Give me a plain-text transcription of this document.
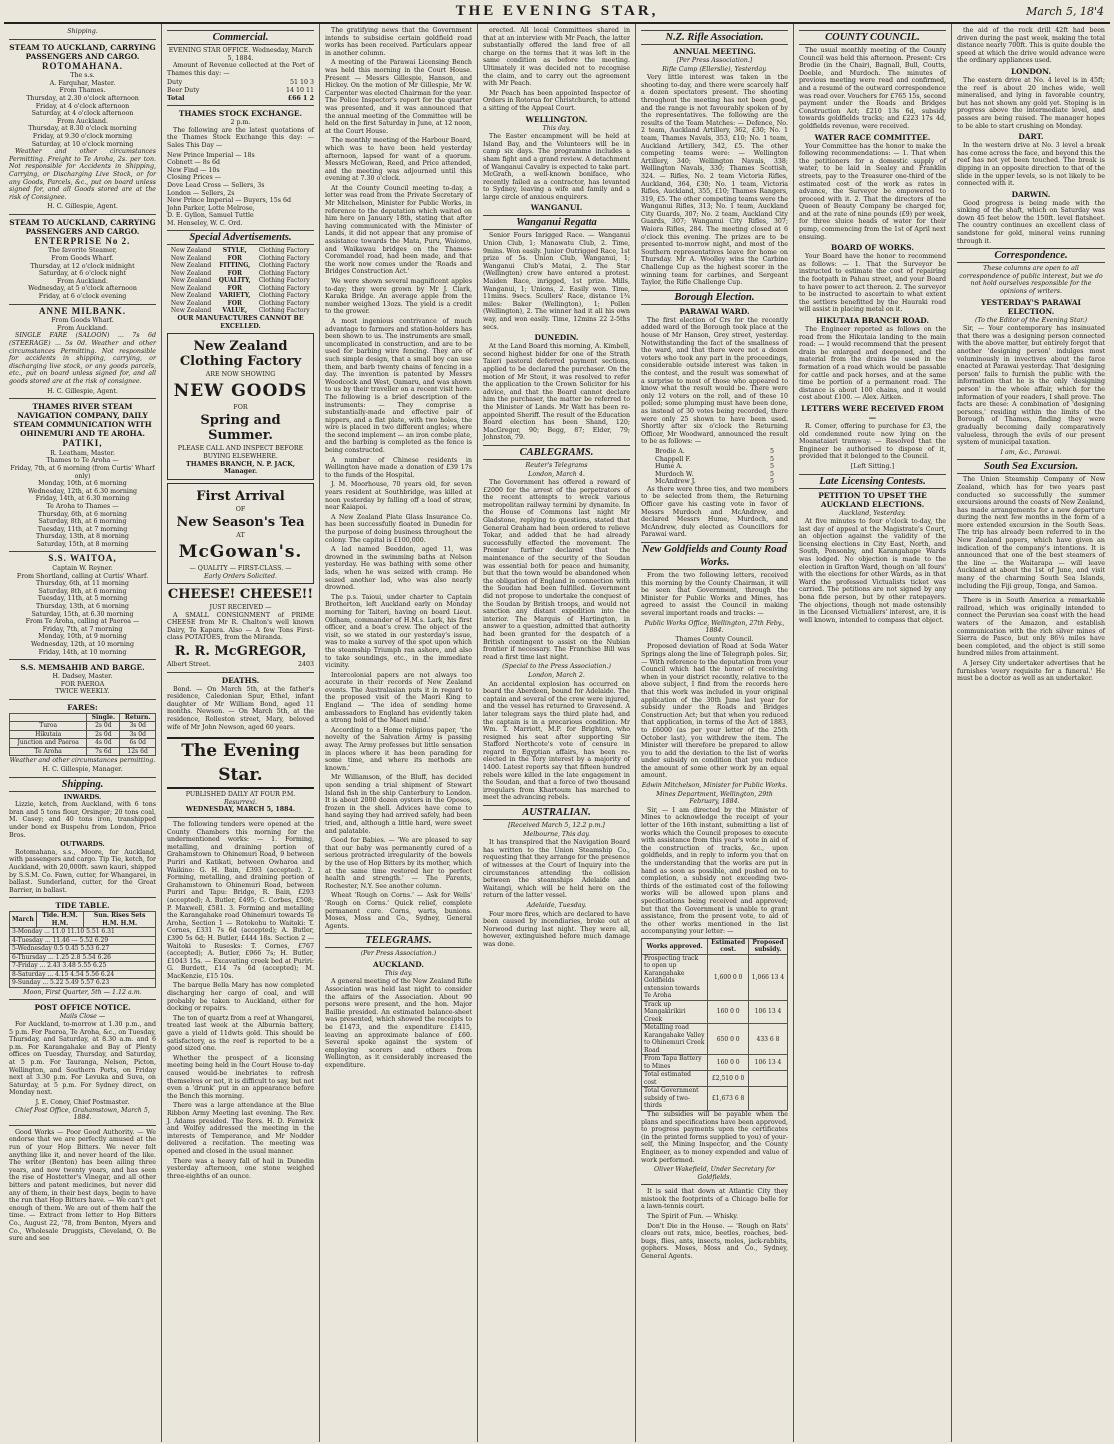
THE EVENING STAR,	March 5, 18'4
Shipping.
STEAM TO AUCKLAND, CARRYING PASSENGERS AND CARGO.
ROTOMAHANA.
The s.s.
A. Farquhar, Master.
From Thames.
Thursday, at 2.30 o'clock afternoon
Friday, at 4 o'clock afternoon
Saturday, at 4 o'clock afternoon
From Auckland.
Thursday, at 8.30 o'clock morning
Friday, at 9.30 o'clock morning
Saturday, at 10 o'clock morning

Weather and other circumstances Permitting. Freight to Te Aroha, 2s. per ton. Not responsible for Accidents in Shipping, Carrying, or Discharging Live Stock, or for any Goods, Parcels, &c., put on board unless signed for, and all Goods stored are at the risk of Consignee.

H. C. Gillespie, Agent.
STEAM TO AUCKLAND, CARRYING PASSENGERS AND CARGO.
ENTERPRISE No 2.
The favorite Steamer,
From Goods Wharf.
Thursday, at 12 o'clock midnight
Saturday, at 6 o'clock night
From Auckland.
Wednesday, at 5 o'clock afternoon
Friday, at 6 o'clock evening
ANNE MILBANK.
From Goods Wharf.
From Auckland.

SINGLE FARE (SALOON) ... 7s 6d (STEERAGE) ... 5s 0d. Weather and other circumstances Permitting. Not responsible for accidents in shipping, carrying, or discharging live stock, or any goods parcels, etc., put on board unless signed for, and all goods stored are at the risk of consignee.

H. C. Gillespie, Agent.
THAMES RIVER STEAM NAVIGATION COMPANY, DAILY STEAM COMMUNICATION WITH OHINEMURI AND TE AROHA.
PATIKI,
R. Leatham, Master.
Thames to Te Aroha —
Friday, 7th, at 6 morning (from Curtis' Wharf only)
Monday, 10th, at 6 morning
Wednesday, 12th, at 6.30 morning
Friday, 14th, at 6.30 morning
Te Aroha to Thames —
Thursday, 6th, at 6 morning
Saturday, 8th, at 6 morning
Tuesday, 11th, at 7 morning
Thursday, 13th, at 8 morning
Saturday, 15th, at 8 morning
S.S. WAITOA,
Captain W. Reyner.
From Shortland, calling at Curtis' Wharf.
Thursday, 6th, at 11 morning
Saturday, 8th, at 6 morning
Tuesday, 11th, at 5 morning
Thursday, 13th, at 6 morning
Saturday, 15th, at 6.30 morning
From Te Aroha, calling at Paeroa —
Friday, 7th, at 7 morning
Monday, 10th, at 9 morning
Wednesday, 12th, at 10 morning
Friday, 14th, at 10 morning
S.S. MEMSAHIB AND BARGE.
H. Dadsey, Master.
FOR PAEROA
TWICE WEEKLY.
FARES:
	Single.	Return.
Turoa	2s 0d	3s 0d
Hikutaia	2s 0d	3s 0d
Junction and Paeroa	4s 0d	6s 0d
Te Aroha	7s 6d	12s 6d
Weather and other circumstances permitting.
H. C. Gillespie, Manager.
Shipping.
INWARDS.

Lizzie, ketch, from Auckland, with 6 tons bran and 5 tons flour, Orsinger; 20 tons coal, M. Casey; and 40 tons iron, transhipped under bond ex Buspehu from London, Price Bros.

OUTWARDS.

Rotomahana, s.s., Moore, for Auckland, with passengers and cargo. Tip Tie, ketch, for Auckland, with 20,000ft. sawn kauri, shipped by S.S.M. Co. Fawn, cutter, for Whangarei, in ballast. Sunderland, cutter, for the Great Barrier, in ballast.

TIDE TABLE.
March	Tide. H.M. H.M.	Sun. Rises Sets H.M. H.M.
3-Monday ... 11.0 11.10 5.51 6.31
4-Tuesday ... 11.46 --- 5.52 6.29
5-Wednesday 0.5 0.45 5.53 6.27
6-Thursday ... 1.25 2.8 5.54 6.26
7-Friday ... 2.43 3.48 5.55 6.25
8-Saturday ... 4.15 4.54 5.56 6.24
9-Sunday ... 5.22 5.49 5.57 6.23
Moon, First Quarter, 5th — 1.12 a.m.
POST OFFICE NOTICE.
Mails Close —

For Auckland, to-morrow at 1.30 p.m., and 5 p.m. For Paeroa, Te Aroha, &c., on Tuesday, Thursday, and Saturday, at 8.30 a.m. and 6 p.m. For Karangahake and Bay of Plenty offices on Tuesday, Thursday, and Saturday, at 5 p.m. For Tauranga, Nelson, Picton, Wellington, and Southern Ports, on Friday next at 3.30 p.m. For Levuka and Suva, on Saturday, at 5 p.m. For Sydney direct, on Monday next.

J. E. Coney, Chief Postmaster.
Chief Post Office, Grahamstown, March 5, 1884.

Good Works — Poor Good Authority. — We endorse that we are perfectly amused at the run of your Hop Bitters. We never felt anything like it, and never heard of the like. The writer (Benton) has been ailing three years, and now twenty years, and has seen the rise of Hostetter's Vinegar, and all other bitters and patent medicines, but never did any of them, in their best days, begin to have the run that Hop Bitters have. — We can't get enough of them. We are out of them half the time. — Extract from letter to Hop Bitters Co., August 22, '78, from Benton, Myers and Co., Wholesale Druggists, Cleveland, O. Be sure and see

Commercial.
EVENING STAR OFFICE. Wednesday, March 5, 1884.

Amount of Revenue collected at the Port of Thames this day: —

Duty	51 10 3
Beer Duty	14 10 11
Total	£66 1 2
THAMES STOCK EXCHANGE.
2 p.m.

The following are the latest quotations of the Thames Stock Exchange this day: — Sales This Day —

New Prince Imperial — 18s
Cobnett — 8s 6d
New Find — 10s
Closing Prices —
Dove Lead Cross — Sellers, 3s
London — Sellers, 2s
New Prince Imperial — Buyers, 15s 6d
John Parker, Lotte Melrose,
D. E. Gyllon, Samuel Tuttle
M. Henseley, W. C. Ord.
Special Advertisements.
New Zealand	STYLE,	Clothing Factory
New Zealand	FOR	Clothing Factory
New Zealand	FITTING,	Clothing Factory
New Zealand	FOR	Clothing Factory
New Zealand	QUALITY,	Clothing Factory
New Zealand	FOR	Clothing Factory
New Zealand	VARIETY,	Clothing Factory
New Zealand	FOR	Clothing Factory
New Zealand	VALUE,	Clothing Factory
OUR MANUFACTURES CANNOT BE EXCELLED.
New Zealand Clothing Factory
ARE NOW SHOWING
NEW GOODS
FOR
Spring and Summer.
PLEASE CALL AND INSPECT BEFORE BUYING ELSEWHERE.
THAMES BRANCH, N. P. JACK, Manager.
First Arrival
OF
New Season's Tea
AT
McGowan's.
— QUALITY — FIRST-CLASS. —
Early Orders Solicited.
CHEESE! CHEESE!!
JUST RECEIVED —

A SMALL CONSIGNMENT of PRIME CHEESE from Mr R. Chalton's well known Dairy, Te Kapara. Also — A few Tons First-class POTATOES, from the Miranda.

R. R. McGREGOR,
Albert Street.	2403
DEATHS.

Bond. — On March 5th, at the father's residence, Caledonian Spur, Ethel, infant daughter of Mr William Bond, aged 11 months. Newson. — On March 5th, at the residence, Rolleston street, Mary, beloved wife of Mr John Newson, aged 60 years.

The Evening Star.
PUBLISHED DAILY AT FOUR P.M.
Resurrexi.
WEDNESDAY, MARCH 5, 1884.

The following tenders were opened at the County Chambers this morning for the undermentioned works: — 1. Forming, metalling, and draining portion of Grahamstown to Ohinemuri Road, 9 between Puriri and Katikati, between Owharoa and Waikino: G. H. Bain, £393 (accepted). 2. Forming, metalling, and draining portion of Grahamstown to Ohinemuri Road, between Puriri and Tapu: Bridge, R. Bain, £293 (accepted); A. Butler, £495; C. Corbes, £508; P. Maxwell, £581. 3. Forming and metalling the Karangahake road Ohinemuri towards Te Aroha, Section 1 — Rotokohu to Waitoki: T. Cornes, £331 7s 6d (accepted); A. Butler, £390 5s 6d; H. Butler, £444 18s. Section 2 — Waitoki to Rusesks: T. Cornes, £767 (accepted); A. Butler, £966 7s; H. Butler, £1043 15s. — Excavating creek bed at Puriri: G. Burdett, £14 7s 6d (accepted); M. MacKenzie, £15 10s.

The barque Bella Mary has now completed discharging her cargo of coal, and will probably be taken to Auckland, either for docking or repairs.

The ton of quartz from a reef at Whangarei, treated last week at the Alburnia battery, gave a yield of 11dwts gold. This should be satisfactory, as the reef is reported to be a good sized one.

Whether the prospect of a licensing meeting being held in the Court House to-day caused would-be inebriates to refresh themselves or not, it is difficult to say, but not even a 'drunk' put in an appearance before the Bench this morning.

There was a large attendance at the Blue Ribbon Army Meeting last evening. The Rev. J. Adams presided. The Revs. H. D. Fenwick and Wolfey addressed the meeting in the interests of Temperance, and Mr Nodder delivered a recitation. The meeting was opened and closed in the usual manner.

There was a heavy fall of hail in Dunedin yesterday afternoon, one stone weighed three-eighths of an ounce.

The gratifying news that the Government intends to subsidise certain goldfield road works has been received. Particulars appear in another column.

A meeting of the Parawai Licensing Bench was held this morning in the Court House. Present — Messrs Gillespie, Hanson, and Hickey. On the motion of Mr Gillespie, Mr W. Carpenter was elected Chairman for the year. The Police Inspector's report for the quarter was presented, and it was announced that the annual meeting of the Committee will be held on the first Saturday in June, at 12 noon, at the Court House.

The monthly meeting of the Harbour Board, which was to have been held yesterday afternoon, lapsed for want of a quorum. Messrs McGowan, Reed, and Price attended, and the meeting was adjourned until this evening at 7.30 o'clock.

At the County Council meeting to-day, a letter was read from the Private Secretary of Mr Mitchelson, Minister for Public Works, in reference to the deputation which waited on him here on January 18th, stating that after having communicated with the Minister of Lands, it did not appear that any promise of assistance towards the Mata, Puru, Waiomo, and Waikawau bridges on the Thames-Coromandel road, had been made, and that the work now comes under the 'Roads and Bridges Construction Act.'

We were shown several magnificent apples to-day; they were grown by Mr J. Clark, Karaka Bridge. An average apple from the number weighed 13ozs. The yield is a credit to the grower.

A most ingenious contrivance of much advantage to farmers and station-holders has been shown to us. The instruments are small, uncomplicated in construction, and are to be used for barbing wire fencing. They are of such simple design, that a small boy can use them, and barb twenty chains of fencing in a day. The invention is patented by Messrs Woodcock and West, Oamaru, and was shown to us by their traveller on a recent visit here. The following is a brief description of the instruments: — They comprise a substantially-made and effective pair of nippers, and a flat plate, with two holes, the wire is placed in two different angles; where the second implement — an iron combe plate, and the barbing is completed as the fence is being constructed.

A number of Chinese residents in Wellington have made a donation of £39 17s to the funds of the Hospital.

J. M. Moorhouse, 70 years old, for seven years resident at Southbridge, was killed at noon yesterday by falling off a load of straw, near Kaiapoi.

A New Zealand Plate Glass Insurance Co. has been successfully floated in Dunedin for the purpose of doing business throughout the colony. The capital is £100,000.

A lad named Beeddon, aged 11, was drowned in the swimming baths at Nelson yesterday. He was bathing with some other lads, when he was seized with cramp. He seized another lad, who was also nearly drowned.

The p.s. Taioui, under charter to Captain Brotherton, left Auckland early on Monday morning for Taiteri, having on board Lieut. Oldham, commander of H.M.s. Lark, his first officer, and a boat's crew. The object of the visit, so we stated in our yesterday's issue, was to make a survey of the spot upon which the steamship Triumph ran ashore, and also to take soundings, etc., in the immediate vicinity.

Intercolonial papers are not always too accurate in their records of New Zealand events. The Australasian puts it in regard to the proposed visit of the Maori King to England — 'The idea of sending home ambassadors to England has evidently taken a strong hold of the Maori mind.'

According to a Home religious paper, 'the novelty of the Salvation Army is passing away. The Army professes but little sensation in places where it has been parading for some time, and where its methods are known.'

Mr Williamson, of the Bluff, has decided upon sending a trial shipment of Stewart Island fish in the ship Canterbury to London. It is about 2000 dozen oysters in the Oposos, frozen in the shell. Advices have come to hand saying they had arrived safely, had been tried, and, although a little hard, were sweet and palatable.

Good for Babies. — 'We are pleased to say that our baby was permanently cured of a serious protracted irregularity of the bowels by the use of Hop Bitters by its mother, which at the same time restored her to perfect health and strength.' — The Parents, Rochester, N.Y. See another column.

Wheat 'Rough on Corns.' — Ask for Wells' 'Rough on Corns.' Quick relief, complete permanent cure. Corns, warts, bunions. Moses, Moss and Co., Sydney, General Agents.

TELEGRAMS.
(Per Press Association.)
AUCKLAND.
This day.

A general meeting of the New Zealand Rifle Association was held last night to consider the affairs of the Association. About 90 persons were present, and the hon. Major Baillie presided. An estimated balance-sheet was presented, which showed the receipts to be £1473, and the expenditure £1415, leaving an approximate balance of £60. Several spoke against the system of employing scorers and others from Wellington, as it considerably increased the expenditure.

erected. All local Committees shared in that at an interview with Mr Peach, the latter substantially offered the land free of all charge on the terms that it was left in the same condition as before the meeting. Ultimately it was decided not to recognise the claim, and to carry out the agreement with Mr Peach.

Mr Peach has been appointed Inspector of Orders in Rotorua for Christchurch, to attend a sitting of the Appeal Court.

WELLINGTON.
This day.

The Easter encampment will be held at Island Bay, and the Volunteers will be in camp six days. The programme includes a sham fight and a grand review. A detachment of Wanganui Cavalry is expected to take part. McGrath, a well-known boniface, who recently failed as a contractor, has levanted to Sydney, leaving a wife and family and a large circle of anxious enquirers.

WANGANUI.
Wanganui Regatta

Senior Fours Inrigged Race. — Wanganui Union Club, 1; Manawatu Club, 2. Time, 9mins. Won easily. Junior Outrigged Race, 1st prize of 5s. Union Club, Wanganui, 1; Wanganui Club's Matai, 2. The Star (Wellington) crew have entered a protest. Maiden Race, inrigged, 1st prize. Mills, Wanganui, 1; Unions, 2. Easily won. Time, 11mins. 9secs. Scullers' Race, distance 1¾ miles: Baker (Wellington), 1; Pollen (Wellington), 2. The winner had it all his own way, and won easily. Time, 12mins 22 2-5ths secs.

DUNEDIN.

At the Land Board this morning, A. Kimbell, second highest bidder for one of the Strath Taieri pastoral deferred payment sections, applied to be declared the purchaser. On the motion of Mr Stout, it was resolved to refer the application to the Crown Solicitor for his advice, and that the Board cannot declare him the purchaser, the matter be referred to the Minister of Lands. Mr Watt has been re-appointed Sheriff. The result of the Education Board election has been Shand, 120; MacGregor, 90; Begg, 87; Elder, 79; Johnston, 79.

CABLEGRAMS.
Reuter's Telegrams
London, March 4.

The Government has offered a reward of £2000 for the arrest of the perpetrators of the recent attempts to wreck various metropolitan railway termini by dynamite. In the House of Commons last night Mr Gladstone, replying to questions, stated that General Graham had been ordered to relieve Tokar, and added that he had already successfully effected the movement. The Premier further declared that the maintenance of the security of the Soudan was essential both for peace and humanity, but that the town would be abandoned when the obligation of England in connection with the Soudan had been fulfilled. Government did not propose to undertake the conquest of the Soudan by British troops, and would not sanction any distant expedition into the interior. The Marquis of Hartington, in answer to a question, admitted that authority had been granted for the despatch of a British contingent to assist on the Nubian frontier if necessary. The Franchise Bill was read a first time last night.

(Special to the Press Association.)
London, March 2.

An accidental explosion has occurred on board the Aberdeen, bound for Adelaide. The captain and several of the crew were injured, and the vessel has returned to Gravesend. A later telegram says the third plate had, and the captain is in a precarious condition. Mr Wm. T. Marriott, M.P. for Brighton, who resigned his seat after supporting Sir Stafford Northcote's vote of censure in regard to Egyptian affairs, has been re-elected in the Tory interest by a majority of 1400. Latest reports say that fifteen hundred rebels were killed in the late engagement in the Soudan, and that a force of two thousand irregulars from Khartoum has marched to meet the advancing rebels.

AUSTRALIAN.
[Received March 5, 12.2 p.m.]
Melbourne, This day.

It has transpired that the Navigation Board has written to the Union Steamship Co., requesting that they arrange for the presence of witnesses at the Court of Inquiry into the circumstances attending the collision between the steamships Adelaide and Waitangi, which will be held here on the return of the latter vessel.

Adelaide, Tuesday.

Four more fires, which are declared to have been caused by incendiaries, broke out at Norwood during last night. They were all, however, extinguished before much damage was done.

N.Z. Rifle Association.
ANNUAL MEETING.
[Per Press Association.]
Rifle Camp (Ellerslie), Yesterday.

Very little interest was taken in the shooting to-day, and there were scarcely half a dozen spectators present. The shooting throughout the meeting has not been good, and the range is not favourably spoken of by the representatives. The following are the results of the Team Matches: — Defence, No. 2 team, Auckland Artillery, 362, £30; No. 1 team, Thames Navals, 353, £10; No. 1 team, Auckland Artillery, 342, £5. The other competing teams were: — Wellington Artillery, 340; Wellington Navals, 338; Wellington Navals, 330; Thames Scottish, 324. — Rifles, No. 2 team Victoria Rifles, Auckland, 364, £30; No. 1 team, Victoria Rifles, Auckland, 355, £10; Thames Rangers, 319, £5. The other competing teams were the Wanganui Rifles, 313; No. 1 team, Auckland City Guards, 307; No. 2 team, Auckland City Guards, 307; Wanganui City Rifles, 307; Waiora Rifles, 284. The meeting closed at 6 o'clock this evening. The prizes are to be presented to-morrow night, and most of the Southern representatives leave for home on Thursday. Mr A. Woolley wins the Carbine Challenge Cup as the highest scorer in the winning team for carbines, and Sergeant Taylor, the Rifle Challenge Cup.

Borough Election.
PARAWAI WARD.

The first election of Crs for the recently added ward of the Borough took place at the house of Mr Hanson, Grey street, yesterday. Notwithstanding the fact of the smallness of the ward, and that there were not a dozen voters who took any part in the proceedings, considerable outside interest was taken in the contest, and the result was somewhat of a surprise to most of those who appeared to know what the result would be. There were only 12 voters on the roll, and of these 10 polled; some plumping must have been done, as instead of 30 votes being recorded, there were only 25 shown to have been used. Shortly after six o'clock the Returning Officer, Mr Woodward, announced the result to be as follows: —

Brodie A.	5
Chappell F.	5
Hume A.	5
Murdoch W.	5
McAndrew J.	5

As there were three ties, and two members to be selected from them, the Returning Officer gave his casting vote in favor of Messrs Murdoch and McAndrew, and declared Messrs Hume, Murdoch, and McAndrew, duly elected as Councillors for Parawai ward.

New Goldfields and County Road Works.

From the two following letters, received this morning by the County Chairman, it will be seen that Government, through the Minister for Public Works and Mines, has agreed to assist the Council in making several important roads and tracks: —

Public Works Office, Wellington, 27th Feby., 1884.
Thames County Council.

Proposed deviation of Road at Soda Water Springs along the line of Telegraph poles. Sir, — With reference to the deputation from your Council which had the honor of receiving when in your district recently, relative to the above subject, I find from the records here that this work was included in your original application of the 30th June last year for subsidy under the Roads and Bridges Construction Act; but that when you reduced that application, in terms of the Act of 1883, to £6000 (as per your letter of the 25th October last), you withdrew the item. The Minister will therefore be prepared to allow you to add the deviation to the list of works under subsidy on condition that you reduce the amount of some other work by an equal amount.

Edwin Mitchelson, Minister for Public Works.
Mines Department, Wellington, 29th February, 1884.

Sir, — I am directed by the Minister of Mines to acknowledge the receipt of your letter of the 16th instant, submitting a list of works which the Council proposes to execute with assistance from this year's vote in aid of the construction of tracks, &c., upon goldfields, and in reply to inform you that on the understanding that the works are put in hand as soon as possible, and pushed on to completion, a subsidy not exceeding two-thirds of the estimated cost of the following works will be allowed upon plans and specifications being received and approved; but that the Government is unable to grant assistance, from the present vote, to aid of the other works mentioned in the list accompanying your letter: —

Works approved.	Estimated cost.	Proposed subsidy.
Prospecting track to open up Karangahake Goldfields extension towards Te Aroha	1,600 0 0	1,066 13 4
Track up Mangakirikiri Creek	160 0 0	106 13 4
Metalling road Karangahake Valley to Ohinemuri Creek Road	650 0 0	433 6 8
From Tapu Battery to Mines	160 0 0	106 13 4
Total estimated cost	£2,510 0 0	
Total Government subsidy of two-thirds	£1,673 6 8	

The subsidies will be payable when the plans and specifications have been approved, to progress payments upon the certificates (in the printed forms supplied to you) of your-self, the Mining Inspector, and the County Engineer, as to money expended and value of work performed.

Oliver Wakefield, Under Secretary for Goldfields.

It is said that down at Atlantic City they mistook the footprints of a Chicago belle for a lawn-tennis court.

The Spirit of Fun. — Whisky.

Don't Die in the House. — 'Rough on Rats' clears out rats, mice, beetles, roaches, bed-bugs, flies, ants, insects, moles, jack-rabbits, gophers. Moses, Moss and Co., Sydney, General Agents.

COUNTY COUNCIL.

The usual monthly meeting of the County Council was held this afternoon. Present: Crs Brodie (in the Chair), Bagnall, Bull, Coutts, Doeble, and Murdoch. The minutes of previous meeting were read and confirmed, and a resumé of the outward correspondence was read over. Vouchers for £765 15s, second payment under the Roads and Bridges Construction Act; £210 13s 6d, subsidy towards goldfields tracks; and £223 17s 4d, goldfields revenue, were received.

WATER RACE COMMITTEE.

Your Committee has the honor to make the following recommendations: — 1. That when the petitioners for a domestic supply of water, to be laid in Sealey and Franklin streets, pay to the Treasurer one-third of the estimated cost of the work as rates in advance, the Surveyor be empowered to proceed with it. 2. That the directors of the Queen of Beauty Company be charged for, and at the rate of nine pounds (£9) per week, for three sluice heads of water for their pump, commencing from the 1st of April next ensuing.

BOARD OF WORKS.

Your Board have the honor to recommend as follows: — 1. That the Surveyor be instructed to estimate the cost of repairing the footpath in Pahau street, and your Board to have power to act thereon. 2. The surveyor to be instructed to ascertain to what extent the settlers benefitted by the Hauraki road will assist in placing metal on it.

HIKUTAIA BRANCH ROAD.

The Engineer reported as follows on the road from the Hikutaia landing to the main road: — I would recommend that the present drain be enlarged and deepened, and the material from the drains be used in the formation of a road which would be passable for cattle and pack horses, and at the same time be portion of a permanent road. The distance is about 100 chains, and it would cost about £100. — Alex. Aitken.

LETTERS WERE RECEIVED FROM —

R. Comer, offering to purchase for £3, the old condemned route now lying on the Moanataiari tramway. — Resolved that the Engineer be authorised to dispose of it, provided that it belonged to the Council.

[Left Sitting.]
Late Licensing Contests.
PETITION TO UPSET THE AUCKLAND ELECTIONS.
Auckland, Yesterday.

At five minutes to four o'clock to-day, the last day of appeal at the Magistrate's Court, an objection against the validity of the licensing elections in City East, North, and South, Ponsonby, and Karangahape Wards was lodged. No objection is made to the election in Grafton Ward, though on 'all fours' with the elections for other Wards, as in that Ward the professed Victualists ticket was carried. The petitions are not signed by any bona fide person, but by other ratepayers. The objections, though not made ostensibly in the Licensed Victuallers' interest, are, it is well known, intended to compass that object.

the aid of the rock drill 42ft had been driven during the past week, making the total distance nearly 700ft. This is quite double the speed at which the drive would advance were the ordinary appliances used.

LONDON.

The eastern drive at No. 4 level is in 45ft; the reef is about 20 inches wide, well mineralised, and lying in favorable country, but has not shown any gold yet. Stoping is in progress above the intermediate level, and passes are being raised. The manager hopes to be able to start crushing on Monday.

DART.

In the western drive at No. 3 level a break has come across the face, and beyond this the reef has not yet been touched. The break is dipping in an opposite direction to that of the slide in the upper levels, so is not likely to be connected with it.

DARWIN.

Good progress is being made with the sinking of the shaft, which on Saturday was down 45 feet below the 150ft. level flatsheet. The country continues an excellent class of sandstone for gold, mineral veins running through it.

Correspondence.
These columns are open to all correspondence of public interest, but we do not hold ourselves responsible for the opinions of writers.
YESTERDAY'S PARAWAI ELECTION.
(To the Editor of the Evening Star.)

Sir, — Your contemporary has insinuated that there was a designing person connected with the above matter, but entirely forgot that another 'designing person' indulges most voluminously in invectives about the farce enacted at Parawai yesterday. That 'designing person' fails to furnish the public with the information that he is the only 'designing person' in the whole affair, which for the information of your readers, I shall prove. The facts are these: A combination of 'designing persons,' residing within the limits of the Borough of Thames, finding they were gradually becoming daily comparatively valueless, through the evils of our present system of municipal taxation.

I am, &c., Parawai.
South Sea Excursion.

The Union Steamship Company of New Zealand, which has for two years past conducted so successfully the summer excursions around the coasts of New Zealand, has made arrangements for a new departure during the next few months in the form of a more extended excursion in the South Seas. The trip has already been referred to in the New Zealand papers, which have given an indication of the company's intentions. It is announced that one of the best steamers of the line — the Waitarapa — will leave Auckland at about the 1st of June, and visit many of the charming South Sea Islands, including the Fiji group, Tonga, and Samoa.

There is in South America a remarkable railroad, which was originally intended to connect the Peruvian sea coast with the head waters of the Amazon, and establish communication with the rich silver mines of Sierra de Pasco, but only 86¼ miles have been completed, and the object is still some hundred miles from attainment.

A Jersey City undertaker advertises that he furnishes 'every requisite for a funeral.' He must be a doctor as well as an undertaker.
